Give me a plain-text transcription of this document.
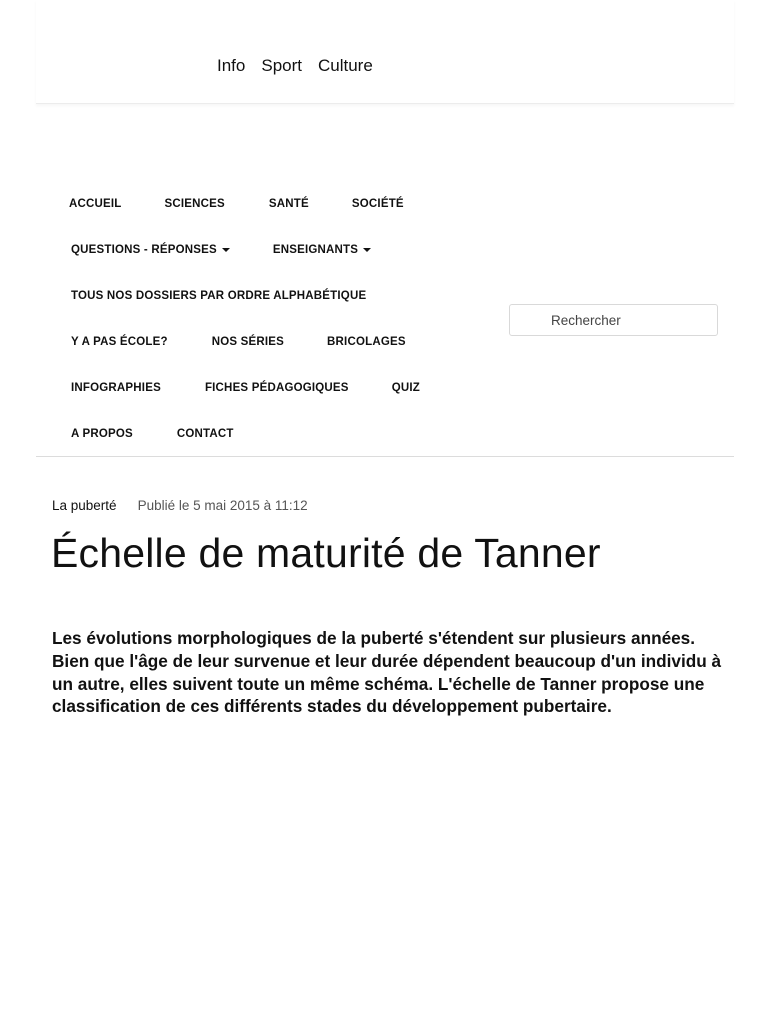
Info Sport Culture
ACCUEIL	SCIENCES	SANTÉ	SOCIÉTÉ
QUESTIONS - RÉPONSES	ENSEIGNANTS
TOUS NOS DOSSIERS PAR ORDRE ALPHABÉTIQUE
Y A PAS ÉCOLE?	NOS SÉRIES	BRICOLAGES
INFOGRAPHIES	FICHES PÉDAGOGIQUES	QUIZ
A PROPOS	CONTACT
Rechercher
La puberté Publié le 5 mai 2015 à 11:12
Échelle de maturité de Tanner

Les évolutions morphologiques de la puberté s'étendent sur plusieurs années. Bien que l'âge de leur survenue et leur durée dépendent beaucoup d'un individu à un autre, elles suivent toute un même schéma. L'échelle de Tanner propose une classification de ces différents stades du développement pubertaire.
